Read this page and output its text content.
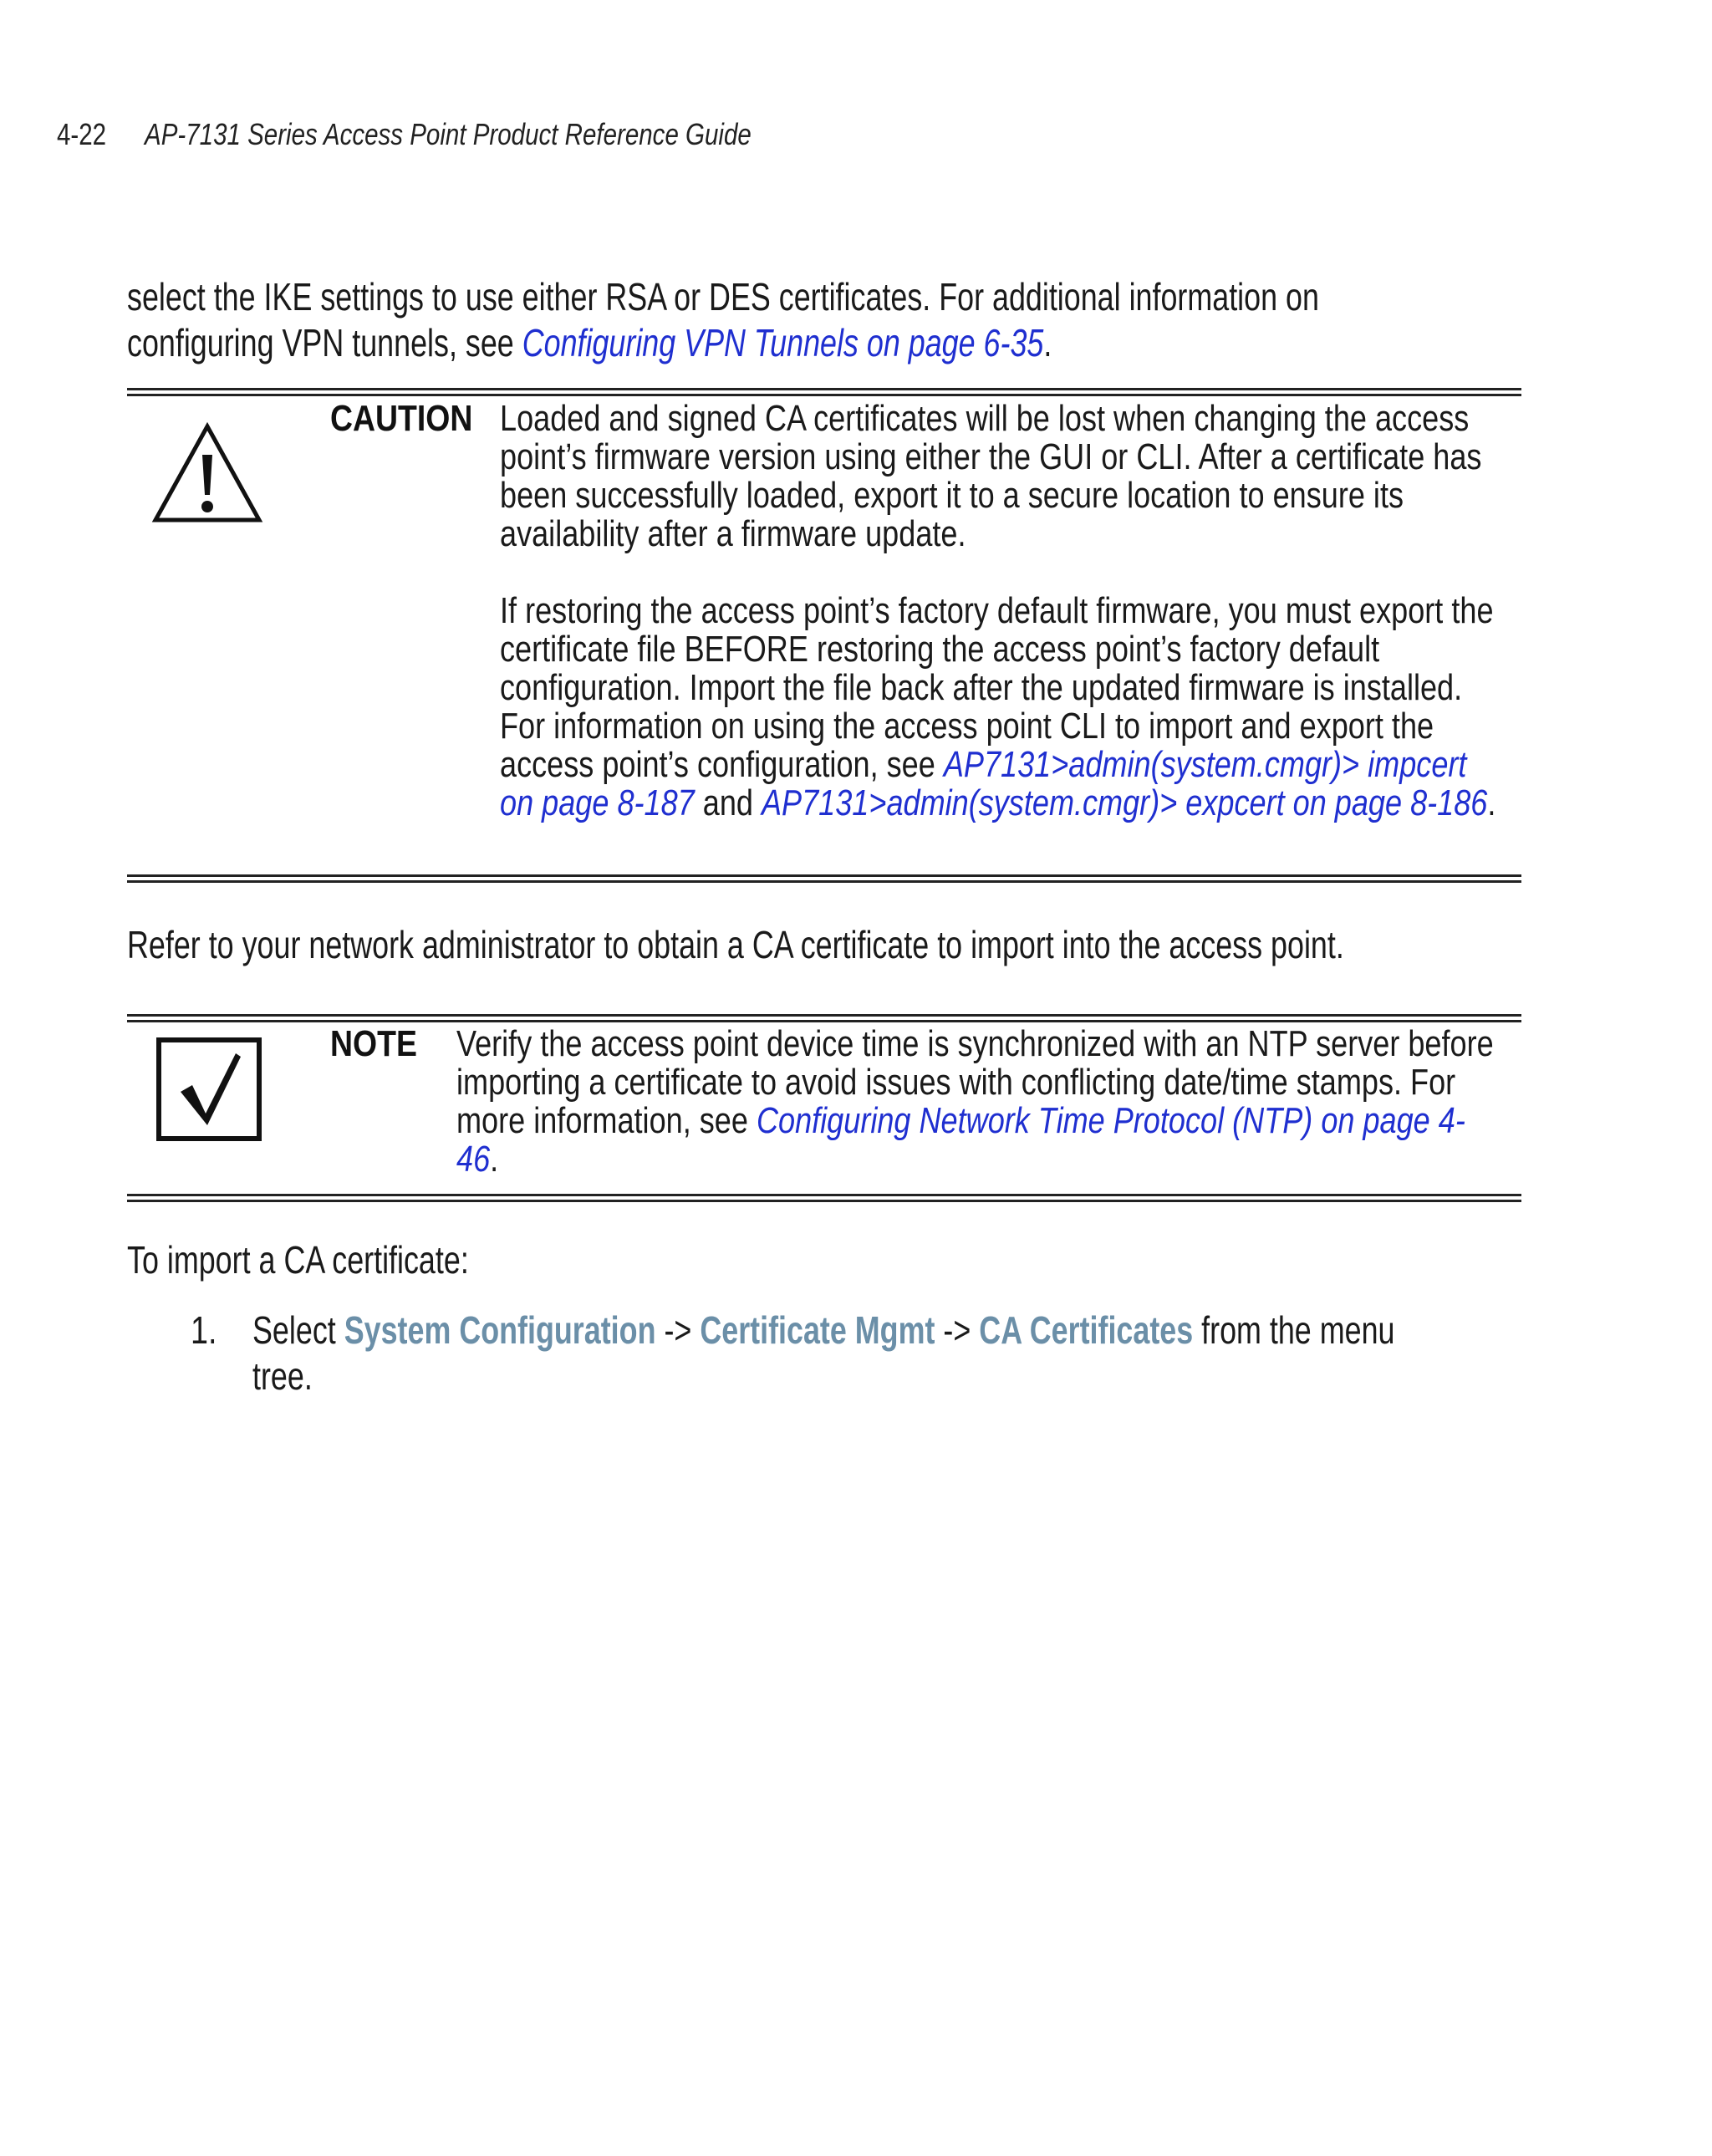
4-22 AP-7131 Series Access Point Product Reference Guide
select the IKE settings to use either RSA or DES certificates. For additional information on configuring VPN tunnels, see Configuring VPN Tunnels on page 6-35.
CAUTION Loaded and signed CA certificates will be lost when changing the access point’s firmware version using either the GUI or CLI. After a certificate has been successfully loaded, export it to a secure location to ensure its availability after a firmware update.

If restoring the access point’s factory default firmware, you must export the certificate file BEFORE restoring the access point’s factory default configuration. Import the file back after the updated firmware is installed. For information on using the access point CLI to import and export the access point’s configuration, see AP7131>admin(system.cmgr)> impcert on page 8-187 and AP7131>admin(system.cmgr)> expcert on page 8-186.

Refer to your network administrator to obtain a CA certificate to import into the access point.
NOTE Verify the access point device time is synchronized with an NTP server before importing a certificate to avoid issues with conflicting date/time stamps. For more information, see Configuring Network Time Protocol (NTP) on page 4-46.

To import a CA certificate:
1. Select System Configuration -> Certificate Mgmt -> CA Certificates from the menu tree.
